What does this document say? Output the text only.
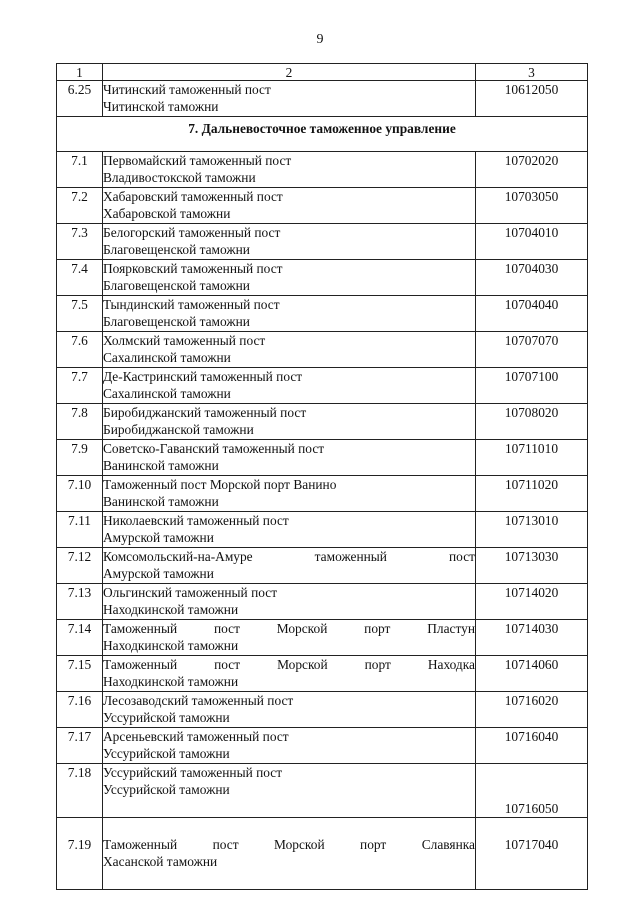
9
1	2	3
6.25	Читинский таможенный пост
Читинской таможни	10612050
7. Дальневосточное таможенное управление		
7.1	Первомайский таможенный пост
Владивостокской таможни	10702020
7.2	Хабаровский таможенный пост
Хабаровской таможни	10703050
7.3	Белогорский таможенный пост
Благовещенской таможни	10704010
7.4	Поярковский таможенный пост
Благовещенской таможни	10704030
7.5	Тындинский таможенный пост
Благовещенской таможни	10704040
7.6	Холмский таможенный пост
Сахалинской таможни	10707070
7.7	Де-Кастринский таможенный пост
Сахалинской таможни	10707100
7.8	Биробиджанский таможенный пост
Биробиджанской таможни	10708020
7.9	Советско-Гаванский таможенный пост
Ванинской таможни	10711010
7.10	Таможенный пост Морской порт Ванино
Ванинской таможни	10711020
7.11	Николаевский таможенный пост
Амурской таможни	10713010
7.12	Комсомольский-на-Амуре таможенный пост
Амурской таможни	10713030
7.13	Ольгинский таможенный пост
Находкинской таможни	10714020
7.14	Таможенный пост Морской порт Пластун
Находкинской таможни	10714030
7.15	Таможенный пост Морской порт Находка
Находкинской таможни	10714060
7.16	Лесозаводский таможенный пост
Уссурийской таможни	10716020
7.17	Арсеньевский таможенный пост
Уссурийской таможни	10716040
7.18	Уссурийский таможенный пост
Уссурийской таможни	10716050
7.19	Таможенный пост Морской порт Славянка
Хасанской таможни	10717040
